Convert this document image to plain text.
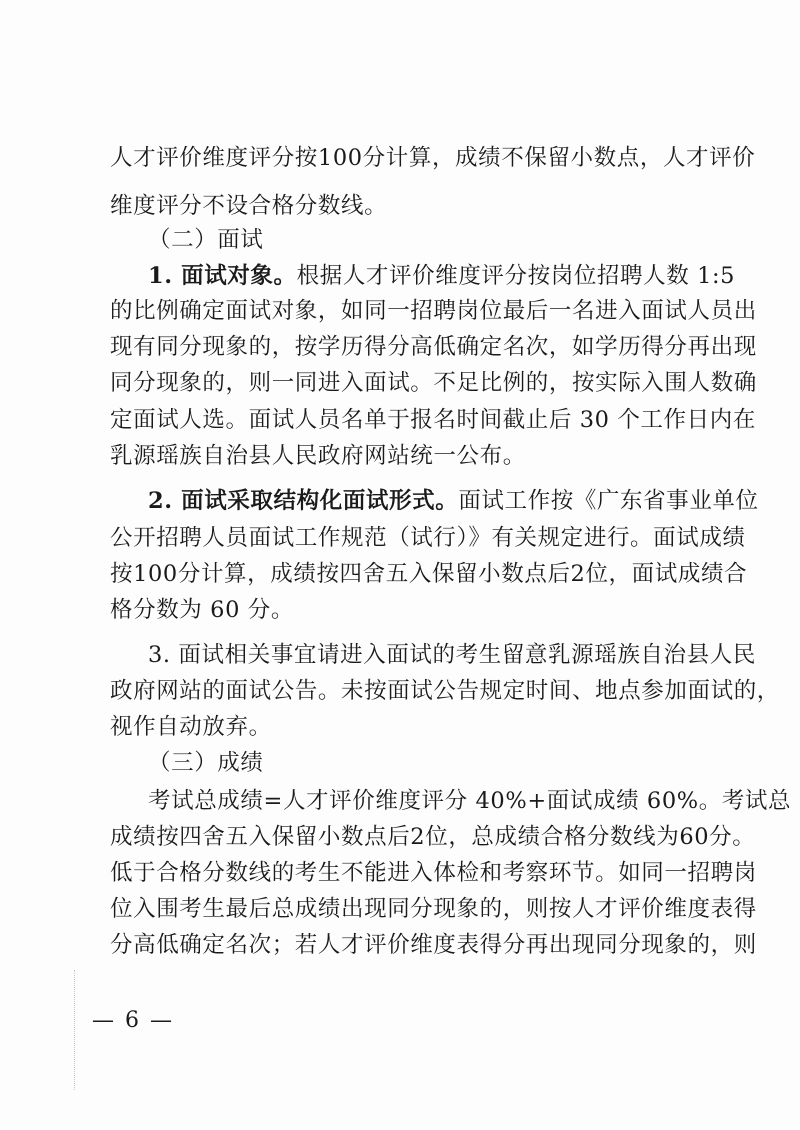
人才评价维度评分按100分计算，成绩不保留小数点，人才评价
维度评分不设合格分数线。
（二）面试
1. 面试对象。根据人才评价维度评分按岗位招聘人数 1:5
的比例确定面试对象，如同一招聘岗位最后一名进入面试人员出
现有同分现象的，按学历得分高低确定名次，如学历得分再出现
同分现象的，则一同进入面试。不足比例的，按实际入围人数确
定面试人选。面试人员名单于报名时间截止后 30 个工作日内在
乳源瑶族自治县人民政府网站统一公布。
2. 面试采取结构化面试形式。面试工作按《广东省事业单位
公开招聘人员面试工作规范（试行）》有关规定进行。面试成绩
按100分计算，成绩按四舍五入保留小数点后2位，面试成绩合
格分数为 60 分。
3. 面试相关事宜请进入面试的考生留意乳源瑶族自治县人民
政府网站的面试公告。未按面试公告规定时间、地点参加面试的，
视作自动放弃。
（三）成绩
考试总成绩=人才评价维度评分 40%+面试成绩 60%。考试总
成绩按四舍五入保留小数点后2位，总成绩合格分数线为60分。
低于合格分数线的考生不能进入体检和考察环节。如同一招聘岗
位入围考生最后总成绩出现同分现象的，则按人才评价维度表得
分高低确定名次；若人才评价维度表得分再出现同分现象的，则
— 6 —
